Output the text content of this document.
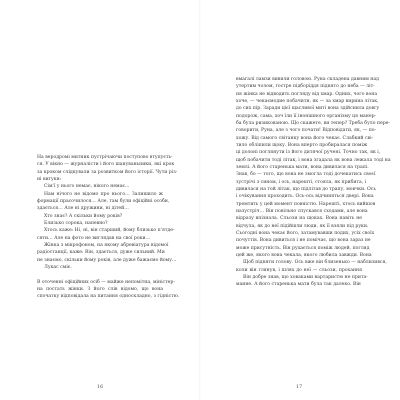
На веродромі митник пустрічаючи поступово втупуєть-
ся. У вiкно — журналiсти і його шануваньники, які крок
за кроком слідкували за розвитком його історії. Чути рiз-
нi вигуки:
Сім'ї у нього немає, нікого немає…
Нам нічого не відомо про нього… Залишило ж
формації прасочилося… Але, там були офіційні особи,
здається… Але ні дружини, ні дітей…
Хто знає? А скільки йому років?
Близько сорока, напевно?
Хтось каже: Ні, ні, він старший, йому близько п'ятде-
сяти… Але на фото не виглядав на свої роки…
Жінка з мікрофоном, на якому абревіатура відомої
радіостанції, каже: Він, здається, дуже сильний. Ми
не знаємо, скільки йому років, але дуже бажаємо йому…
Лукас сміє.
В оточенні офіційних осіб — майже непомітна, міністер-
на постать жінки. З його слів відомо, що вона
спочатку відповідала на питання односкладно, з гідністю.
16
вмагалі ламзи вивили головою. Руна складена давним над
утертим чолом, гостре підборіддя піднято до неба — літ-
ня жінка не відводить погляду від хмар. Одних, чого вона
хоче, — чекаємодие побачити, як — за хмар вирина літак,
до сих пір. Заради цієї щасливої миті вона здійснила довгу
подорож, сама, хоч їли її інонішного організму ця манер-
ба була ризикованою. Що скажете, ви тепер? Треба було пере-
говорити, Руна, але з чого почати! Відповідати, як, — по-
хожу. Від самого свiтанку вона його чекає. Слабкий сві-
тило обліпили щоку. Вона вперто пробиралася поміж
ці долоні поглянути із його дитячої рученi. Точно так, як і,
щоб побачити тоді літак, і вона згадала як вона лежала тоді на
землі. А його старенька мати, вона дивилася на трапі.
Знав, бо — того, що вона не змогла тоді дочекатись своєї
зустрічі з сином, і ось, нарешті, стояла, як прибита, і
дивилася на той літак, що підлітав до трапу, мовчки. Ось
і очікування проходить. Ось-ось відчиняться двері. Вона
тремтить у цей момент повністю. Нарешті, хтось вийшов
назустріч… Він повільно спускався сходами, але вона
відразу впізнала. Сльози на щоках. Вона навіть не
відчула, як до неї підійшли люди, як її взяли під руки.
Сьогодні вона чекає його, затамувавши подих, усіх своїх
почуттів. Вона дивиться і не помічає, що вона зараз не
може присутність. Він рухається поміж людей, погляд
цей же, якого вона чекала, якого любила завжди. Вона
Щоб підняти голову. Ось вже він близенько — наблизився,
коли він глянув, і шлях до неї — сльози, прохання
Він добре знав, що ховаками вартаристю не прита-
манне. А його старенька мати була так далеко. Він
17
